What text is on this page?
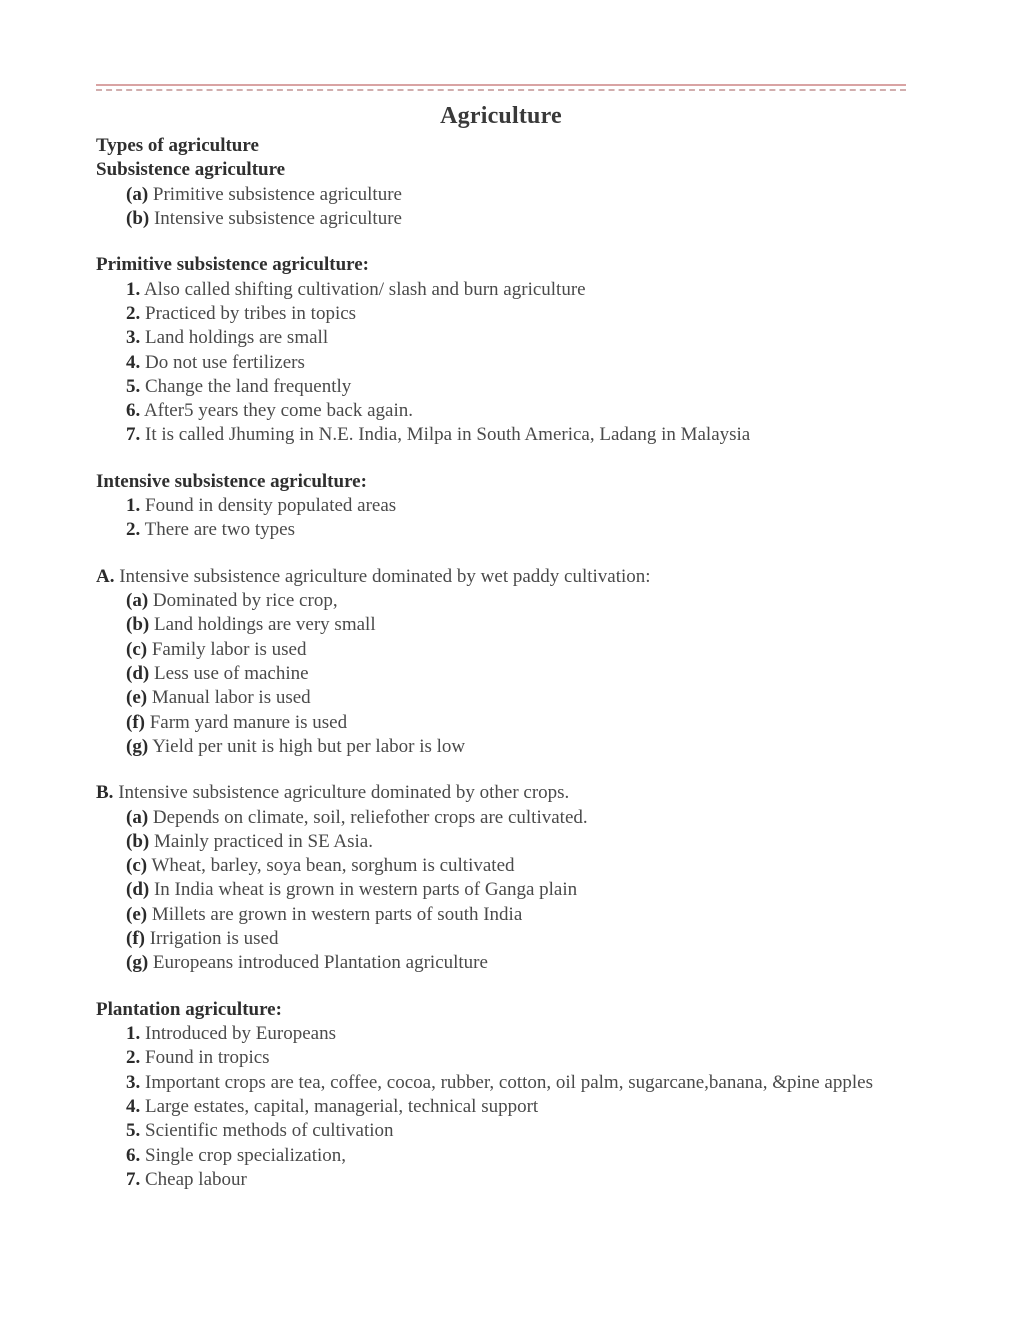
Agriculture
Types of agriculture
Subsistence agriculture
(a) Primitive subsistence agriculture
(b) Intensive subsistence agriculture
Primitive subsistence agriculture:
1. Also called shifting cultivation/ slash and burn agriculture
2. Practiced by tribes in topics
3. Land holdings are small
4. Do not use fertilizers
5. Change the land frequently
6. After5 years they come back again.
7. It is called Jhuming in N.E. India, Milpa in South America, Ladang in Malaysia
Intensive subsistence agriculture:
1. Found in density populated areas
2. There are two types
A. Intensive subsistence agriculture dominated by wet paddy cultivation:
(a) Dominated by rice crop,
(b) Land holdings are very small
(c) Family labor is used
(d) Less use of machine
(e) Manual labor is used
(f) Farm yard manure is used
(g) Yield per unit is high but per labor is low
B. Intensive subsistence agriculture dominated by other crops.
(a) Depends on climate, soil, reliefother crops are cultivated.
(b) Mainly practiced in SE Asia.
(c) Wheat, barley, soya bean, sorghum is cultivated
(d) In India wheat is grown in western parts of Ganga plain
(e) Millets are grown in western parts of south India
(f) Irrigation is used
(g) Europeans introduced Plantation agriculture
Plantation agriculture:
1. Introduced by Europeans
2. Found in tropics
3. Important crops are tea, coffee, cocoa, rubber, cotton, oil palm, sugarcane,banana, &pine apples
4. Large estates, capital, managerial, technical support
5. Scientific methods of cultivation
6. Single crop specialization,
7. Cheap labour
